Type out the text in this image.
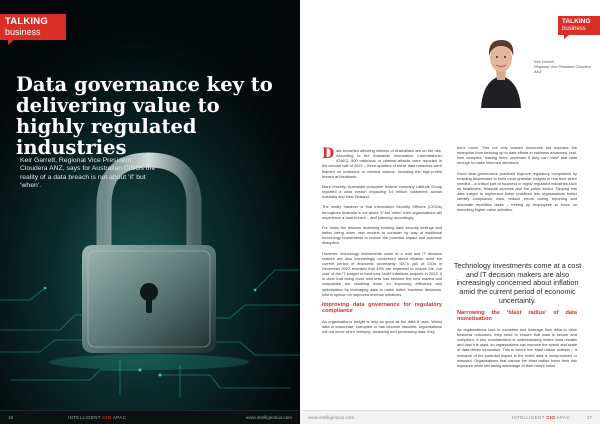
TALKING
business
Data governance key to delivering value to highly regulated industries

Keir Garrett, Regional Vice President, Cloudera ANZ, says for Australian CISOs the reality of a data breach is not about ‘if’ but ‘when’.

16	INTELLIGENT CIO APAC	www.intelligentcio.com
TALKING
business
Keir Garrett,
Regional Vice President Cloudera ANZ

Data breaches affecting millions of Australians are on the rise. According to the Australian Information Commissioner (OAIC), 500 malicious or criminal attacks were reported in the second half of 2022 – three-quarters of these data breaches were blamed on malicious or criminal actions, including the high-profile breach at Medibank.

More recently, Australian consumer finance company Latitude Group reported a data breach impacting 14 million customers across Australia and New Zealand.

The reality however is that Information Security Officers (CISOs) throughout Australia is not about ‘if’ but ‘when’ their organisations will experience a data breach – and planning accordingly.

For many the lessons reviewing existing data security settings and better being when new models to consider by way of additional technology investments to reduce the potential impact and business disruption.

However, technology investments come at a cost and IT decision makers are also increasingly concerned about inflation amid the current period of economic uncertainty. IDC’s poll of CIOs in December 2022 revealed that 49% are expected to reduce the ‘run cost’ of the IT budget to fund new ‘build’ initiatives projects in 2023. It is clear that doing more with less has become the new mantra and companies are doubling down on improving efficiency and optimisation by leveraging data to make better business decisions, inform opinion on improved revenue initiatives.

Improving data governance for regulatory compliance

An organisation’s insight is only as good as the data it uses. Whilst data is inaccurate, corrupted or has become obsolete, organisations will not move when verifying, cleansing and processing data, they

don’t move. This not only wastes resources but exposes the enterprise from keeping up to date efforts in business advanced, real-time analytics, leaving them uncertain if they can ‘trust’ that data enough to make informed decisions.

Good data governance practices improve regulatory compliance by enabling businesses to build more granular insights in real-time when needed – a critical part of business in highly regulated industries such as healthcare, financial services and the public sector. Tapping into data insight to implement these practices lets organisations better identify compliance risks, reduce errors during reporting and automate repetitive tasks – freeing up employees to focus on executing higher-value activities.

Technology investments come at a cost and IT decision makers are also increasingly concerned about inflation amid the current period of economic uncertainty.
Narrowing the ‘blast radius’ of data monetisation

As organisations look to monetise and leverage their data to drive business outcomes, they need to ensure that data is secure and compliant. A key consideration is understanding where data resides and how it is used, so organisations can improve the speed and scale of data-driven innovation. This is where the ‘blast radius’ matters – a measure of the potential impact in the event data is compromised or misused. Organisations that narrow the blast radius lower their risk exposure while still taking advantage of their data’s value.

www.intelligentcio.com	INTELLIGENT CIO APAC	17
